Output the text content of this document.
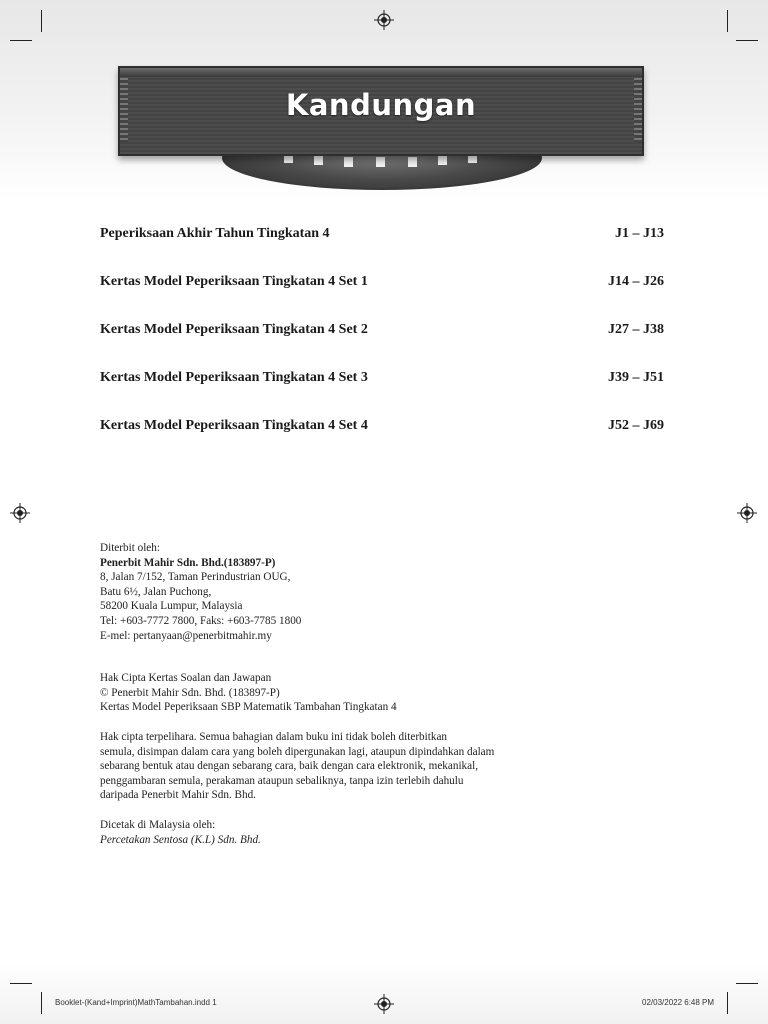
Kandungan
Peperiksaan Akhir Tahun Tingkatan 4	J1 – J13
Kertas Model Peperiksaan Tingkatan 4 Set 1	J14 – J26
Kertas Model Peperiksaan Tingkatan 4 Set 2	J27 – J38
Kertas Model Peperiksaan Tingkatan 4 Set 3	J39 – J51
Kertas Model Peperiksaan Tingkatan 4 Set 4	J52 – J69

Diterbit oleh:

Penerbit Mahir Sdn. Bhd.(183897-P)

8, Jalan 7/152, Taman Perindustrian OUG,

Batu 6½, Jalan Puchong,

58200 Kuala Lumpur, Malaysia

Tel: +603-7772 7800, Faks: +603-7785 1800

E-mel: pertanyaan@penerbitmahir.my

Hak Cipta Kertas Soalan dan Jawapan

© Penerbit Mahir Sdn. Bhd. (183897-P)

Kertas Model Peperiksaan SBP Matematik Tambahan Tingkatan 4

Hak cipta terpelihara. Semua bahagian dalam buku ini tidak boleh diterbitkan

semula, disimpan dalam cara yang boleh dipergunakan lagi, ataupun dipindahkan dalam

sebarang bentuk atau dengan sebarang cara, baik dengan cara elektronik, mekanikal,

penggambaran semula, perakaman ataupun sebaliknya, tanpa izin terlebih dahulu

daripada Penerbit Mahir Sdn. Bhd.

Dicetak di Malaysia oleh:

Percetakan Sentosa (K.L) Sdn. Bhd.

Booklet-(Kand+Imprint)MathTambahan.indd 1	02/03/2022 6:48 PM
